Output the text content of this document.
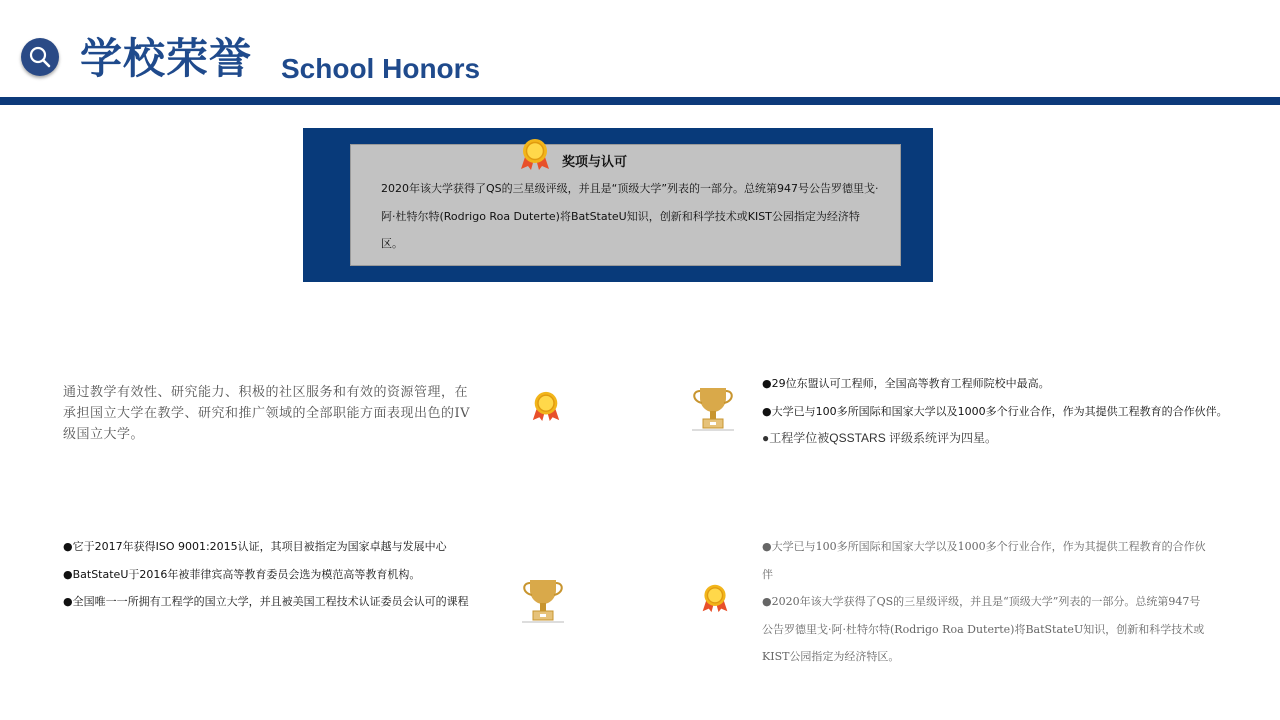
学校荣誉 School Honors
奖项与认可
2020年该大学获得了QS的三星级评级，并且是“顶级大学”列表的一部分。总统第947号公告罗德里戈·阿·杜特尔特(Rodrigo Roa Duterte)将BatStateU知识，创新和科学技术或KIST公园指定为经济特区。
通过教学有效性、研究能力、积极的社区服务和有效的资源管理，在承担国立大学在教学、研究和推广领域的全部职能方面表现出色的IV级国立大学。
●29位东盟认可工程师，全国高等教育工程师院校中最高。
●大学已与100多所国际和国家大学以及1000多个行业合作，作为其提供工程教育的合作伙伴。
●工程学位被QSSTARS 评级系统评为四星。
●它于2017年获得ISO 9001:2015认证，其项目被指定为国家卓越与发展中心
●BatStateU于2016年被菲律宾高等教育委员会选为模范高等教育机构。
●全国唯一一所拥有工程学的国立大学，并且被美国工程技术认证委员会认可的课程
●大学已与100多所国际和国家大学以及1000多个行业合作，作为其提供工程教育的合作伙伴
●2020年该大学获得了QS的三星级评级，并且是“顶级大学”列表的一部分。总统第947号公告罗德里戈·阿·杜特尔特(Rodrigo Roa Duterte)将BatStateU知识，创新和科学技术或KIST公园指定为经济特区。
